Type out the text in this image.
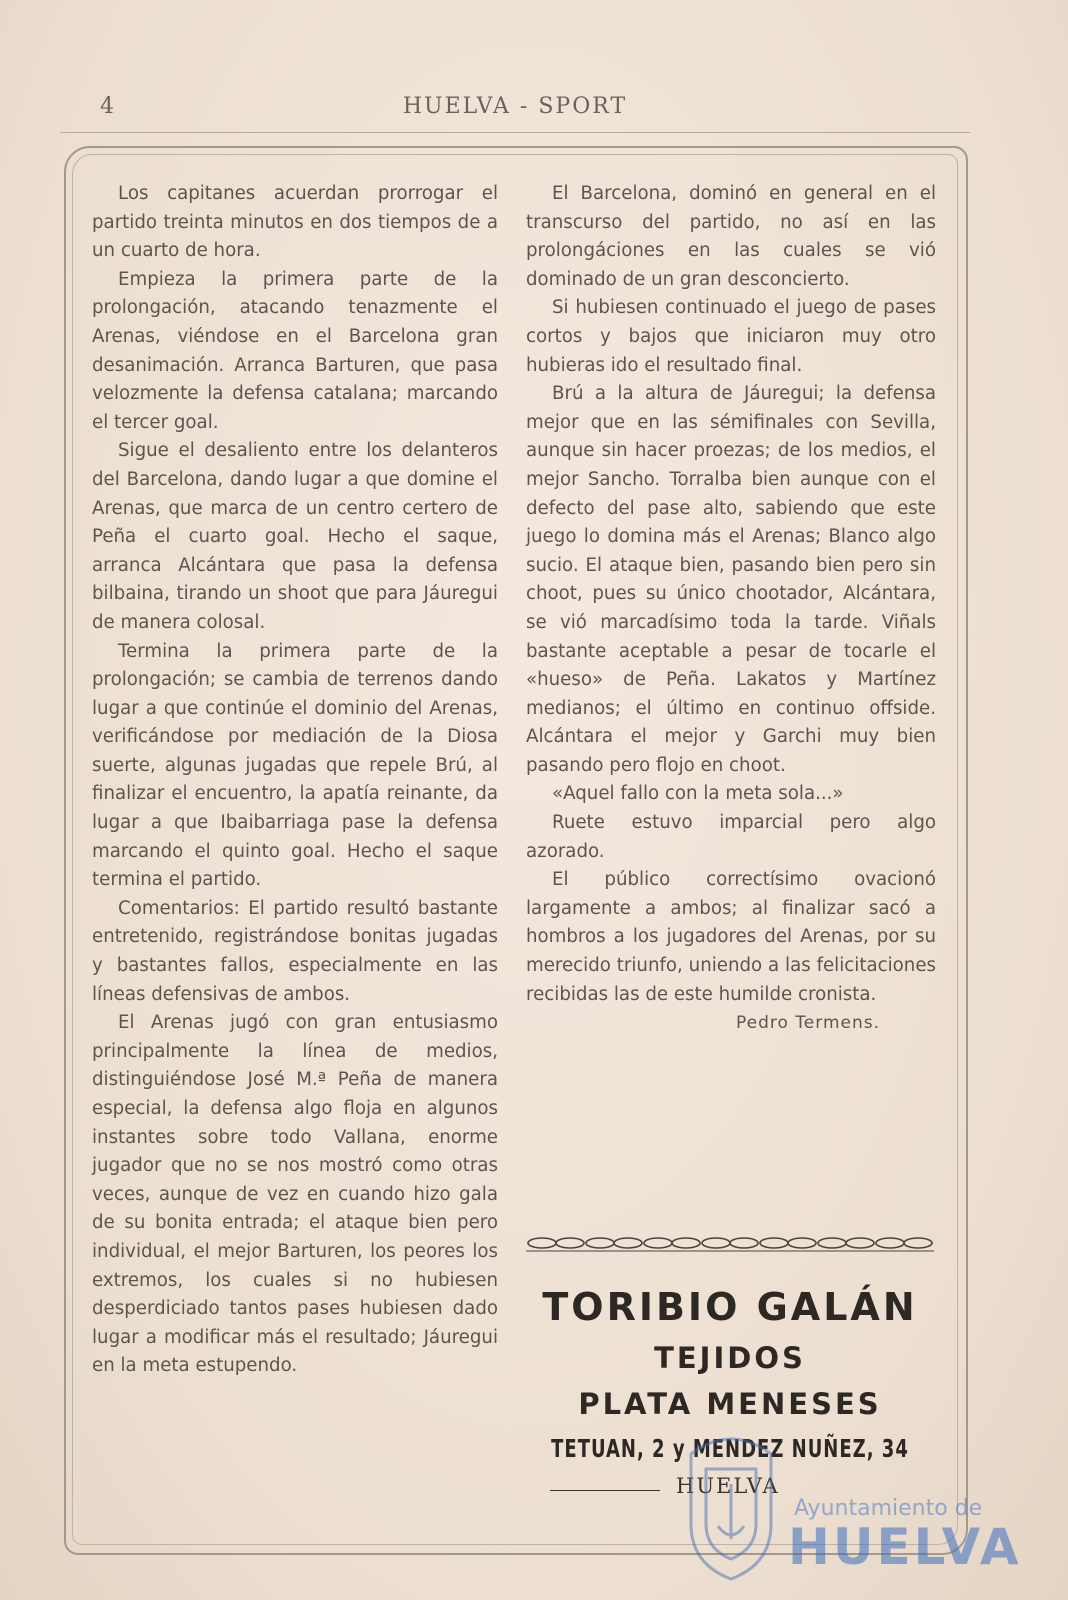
4	HUELVA - SPORT

Los capitanes acuerdan prorrogar el partido treinta minutos en dos tiempos de a un cuarto de hora.

Empieza la primera parte de la prolongación, atacando tenazmente el Arenas, viéndose en el Barcelona gran desanimación. Arranca Barturen, que pasa velozmente la defensa catalana; marcando el tercer goal.

Sigue el desaliento entre los delanteros del Barcelona, dando lugar a que domine el Arenas, que marca de un centro certero de Peña el cuarto goal. Hecho el saque, arranca Alcántara que pasa la defensa bilbaina, tirando un shoot que para Jáuregui de manera colosal.

Termina la primera parte de la prolongación; se cambia de terrenos dando lugar a que continúe el dominio del Arenas, verificándose por mediación de la Diosa suerte, algunas jugadas que repele Brú, al finalizar el encuentro, la apatía reinante, da lugar a que Ibaibarriaga pase la defensa marcando el quinto goal. Hecho el saque termina el partido.

Comentarios: El partido resultó bastante entretenido, registrándose bonitas jugadas y bastantes fallos, especialmente en las líneas defensivas de ambos.

El Arenas jugó con gran entusiasmo principalmente la línea de medios, distinguiéndose José M.ª Peña de manera especial, la defensa algo floja en algunos instantes sobre todo Vallana, enorme jugador que no se nos mostró como otras veces, aunque de vez en cuando hizo gala de su bonita entrada; el ataque bien pero individual, el mejor Barturen, los peores los extremos, los cuales si no hubiesen desperdiciado tantos pases hubiesen dado lugar a modificar más el resultado; Jáuregui en la meta estupendo.

El Barcelona, dominó en general en el transcurso del partido, no así en las prolongáciones en las cuales se vió dominado de un gran desconcierto.

Si hubiesen continuado el juego de pases cortos y bajos que iniciaron muy otro hubieras ido el resultado final.

Brú a la altura de Jáuregui; la defensa mejor que en las sémifinales con Sevilla, aunque sin hacer proezas; de los medios, el mejor Sancho. Torralba bien aunque con el defecto del pase alto, sabiendo que este juego lo domina más el Arenas; Blanco algo sucio. El ataque bien, pasando bien pero sin choot, pues su único chootador, Alcántara, se vió marcadísimo toda la tarde. Viñals bastante aceptable a pesar de tocarle el «hueso» de Peña. Lakatos y Martínez medianos; el último en continuo offside. Alcántara el mejor y Garchi muy bien pasando pero flojo en choot.

«Aquel fallo con la meta sola...»

Ruete estuvo imparcial pero algo azorado.

El público correctísimo ovacionó largamente a ambos; al finalizar sacó a hombros a los jugadores del Arenas, por su merecido triunfo, uniendo a las felicitaciones recibidas las de este humilde cronista.

Pedro Termens.

TORIBIO GALÁN
TEJIDOS
PLATA MENESES
TETUAN, 2 y MENDEZ NUÑEZ, 34
HUELVA
Ayuntamiento de
HUELVA
